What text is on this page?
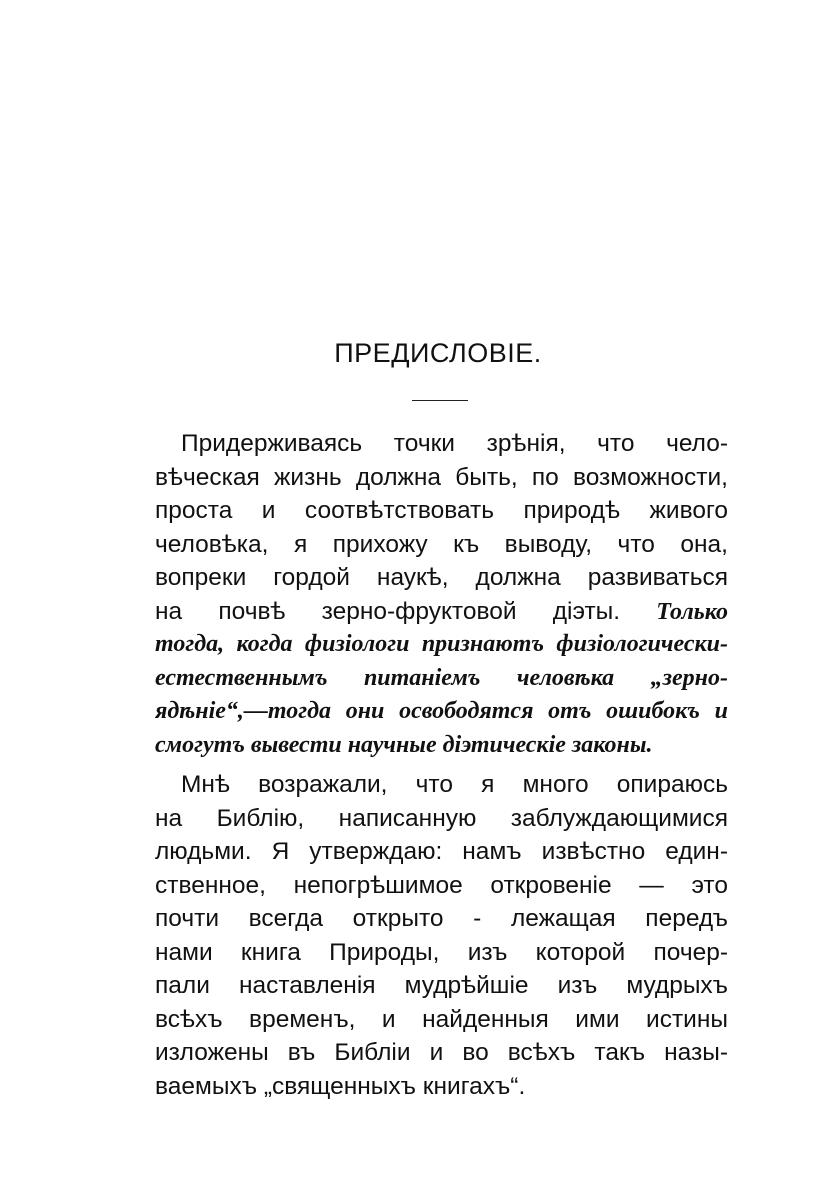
ПРЕДИСЛОВІЕ.
Придерживаясь точки зрѣнія, что чело-
вѣческая жизнь должна быть, по возможности,
проста и соотвѣтствовать природѣ живого
человѣка, я прихожу къ выводу, что она,
вопреки гордой наукѣ, должна развиваться
на почвѣ зерно-фруктовой діэты. Только
тогда, когда физіологи признаютъ физіологически-
естественнымъ питаніемъ человѣка „зерно-
ядѣніе“,—тогда они освободятся отъ ошибокъ и
смогутъ вывести научные діэтическіе законы.
Мнѣ возражали, что я много опираюсь
на Библію, написанную заблуждающимися
людьми. Я утверждаю: намъ извѣстно един-
ственное, непогрѣшимое откровеніе — это
почти всегда открыто - лежащая передъ
нами книга Природы, изъ которой почер-
пали наставленія мудрѣйшіе изъ мудрыхъ
всѣхъ временъ, и найденныя ими истины
изложены въ Библіи и во всѣхъ такъ назы-
ваемыхъ „священныхъ книгахъ“.
